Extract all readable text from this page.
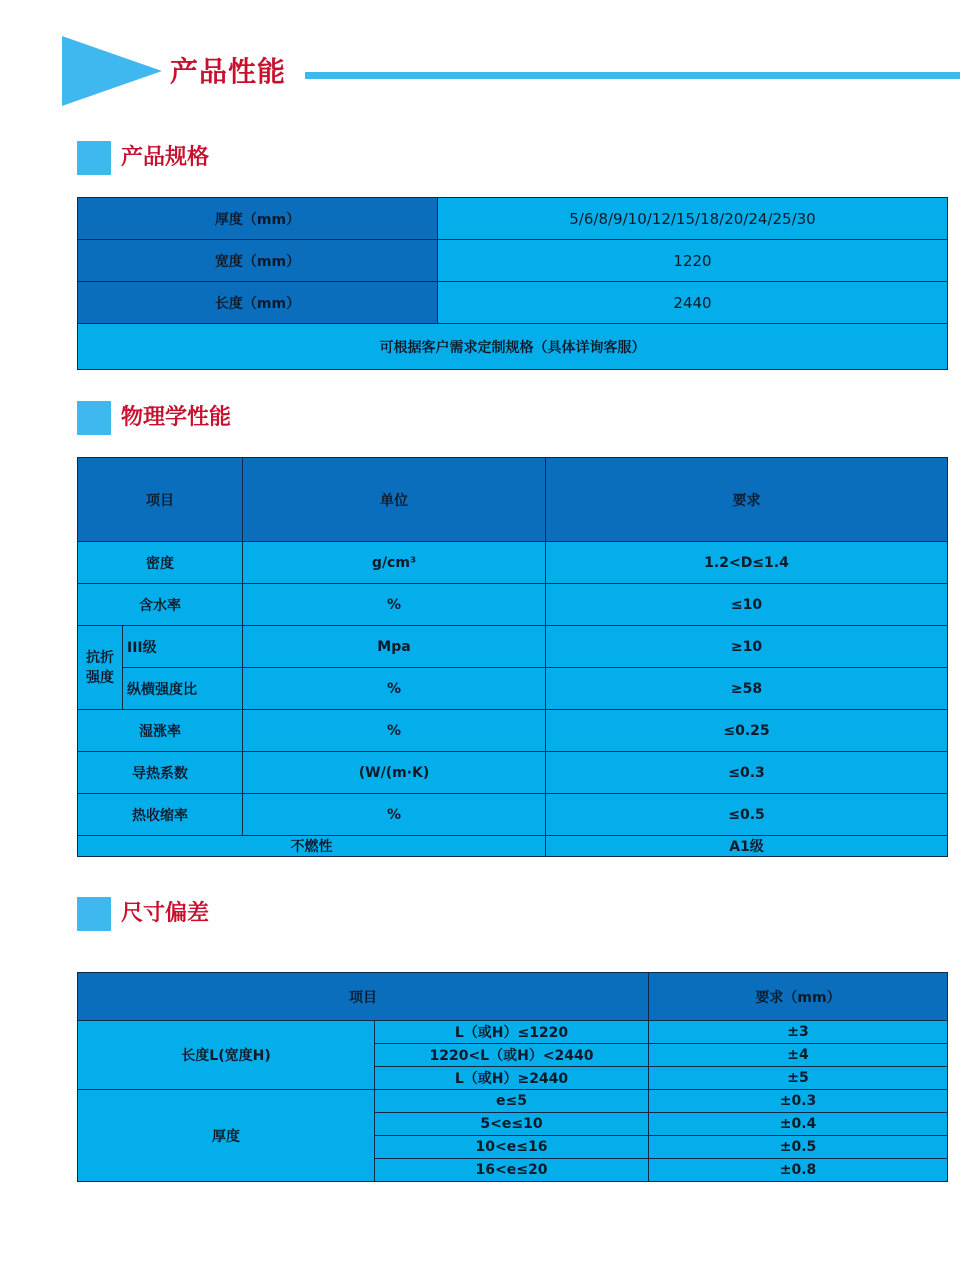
产品性能
产品规格
厚度（mm）	5/6/8/9/10/12/15/18/20/24/25/30
宽度（mm）	1220
长度（mm）	2440
可根据客户需求定制规格（具体详询客服）	
物理学性能
项目		单位	要求
密度		g/cm³	1.2<D≤1.4
含水率		%	≤10
抗折强度	III级	Mpa	≥10
	纵横强度比	%	≥58
湿涨率		%	≤0.25
导热系数		(W/(m·K)	≤0.3
热收缩率		%	≤0.5
不燃性			A1级
尺寸偏差
项目		要求（mm）
长度L(宽度H)	L（或H）≤1220	±3
	1220<L（或H）<2440	±4
	L（或H）≥2440	±5
厚度	e≤5	±0.3
	5<e≤10	±0.4
	10<e≤16	±0.5
	16<e≤20	±0.8
